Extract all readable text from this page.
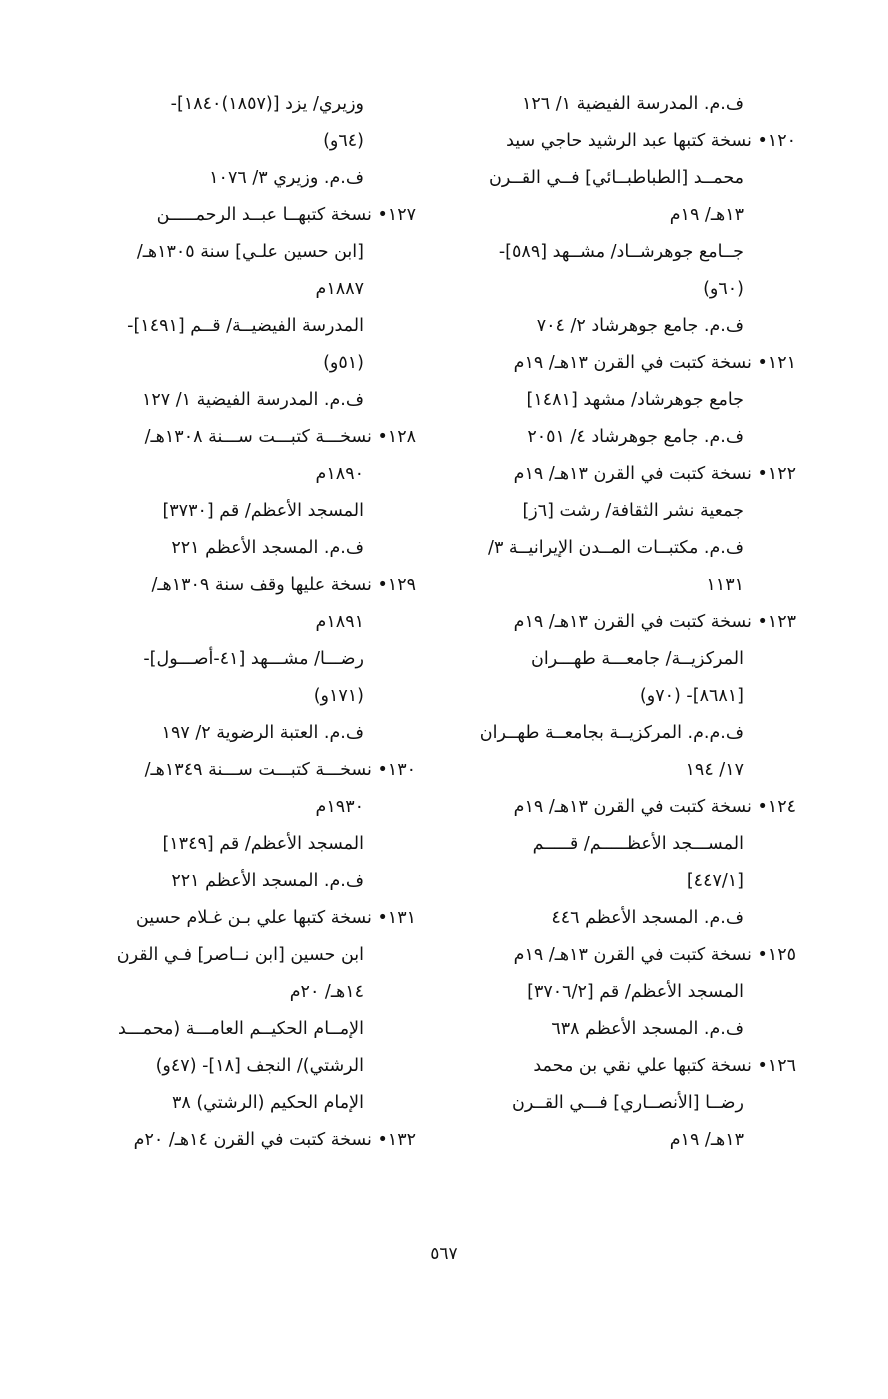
ف.م. المدرسة الفيضية ١/ ١٢٦
١٢٠• نسخة كتبها عبد الرشيد حاجي سيد
محمــد [الطباطبــائي] فــي القــرن
١٣هـ/ ١٩م
جــامع جوهرشــاد/ مشــهد [٥٨٩]-
(٦٠و)
ف.م. جامع جوهرشاد ٢/ ٧٠٤
١٢١• نسخة كتبت في القرن ١٣هـ/ ١٩م
جامع جوهرشاد/ مشهد [١٤٨١]
ف.م. جامع جوهرشاد ٤/ ٢٠٥١
١٢٢• نسخة كتبت في القرن ١٣هـ/ ١٩م
جمعية نشر الثقافة/ رشت [٦ز]
ف.م. مكتبــات المــدن الإيرانيــة ٣/
١١٣١
١٢٣• نسخة كتبت في القرن ١٣هـ/ ١٩م
المركزيــة/ جامعـــة طهـــران
[٨٦٨١]- (٧٠و)
ف.م.م. المركزيــة بجامعــة طهــران
١٧/ ١٩٤
١٢٤• نسخة كتبت في القرن ١٣هـ/ ١٩م
المســـجد الأعظـــــم/ قـــــم
[٤٤٧/١]
ف.م. المسجد الأعظم ٤٤٦
١٢٥• نسخة كتبت في القرن ١٣هـ/ ١٩م
المسجد الأعظم/ قم [٣٧٠٦/٢]
ف.م. المسجد الأعظم ٦٣٨
١٢٦• نسخة كتبها علي نقي بن محمد
رضــا [الأنصــاري] فـــي القــرن
١٣هـ/ ١٩م
وزيري/ يزد [(١٨٥٧)١٨٤٠]-
(٦٤و)
ف.م. وزيري ٣/ ١٠٧٦
١٢٧• نسخة كتبهــا عبــد الرحمـــــن
[ابن حسين علـي] سنة ١٣٠٥هـ/
١٨٨٧م
المدرسة الفيضيــة/ قــم [١٤٩١]-
(٥١و)
ف.م. المدرسة الفيضية ١/ ١٢٧
١٢٨• نسخـــة كتبـــت ســـنة ١٣٠٨هـ/
١٨٩٠م
المسجد الأعظم/ قم [٣٧٣٠]
ف.م. المسجد الأعظم ٢٢١
١٢٩• نسخة عليها وقف سنة ١٣٠٩هـ/
١٨٩١م
رضـــا/ مشـــهد [٤١-أصـــول]-
(١٧١و)
ف.م. العتبة الرضوية ٢/ ١٩٧
١٣٠• نسخـــة كتبـــت ســـنة ١٣٤٩هـ/
١٩٣٠م
المسجد الأعظم/ قم [١٣٤٩]
ف.م. المسجد الأعظم ٢٢١
١٣١• نسخة كتبها علي بـن غـلام حسين
ابن حسين [ابن نــاصر] فـي القرن
١٤هـ/ ٢٠م
الإمــام الحكيــم العامـــة (محمـــد
الرشتي)/ النجف [١٨]- (٤٧و)
الإمام الحكيم (الرشتي) ٣٨
١٣٢• نسخة كتبت في القرن ١٤هـ/ ٢٠م
٥٦٧
